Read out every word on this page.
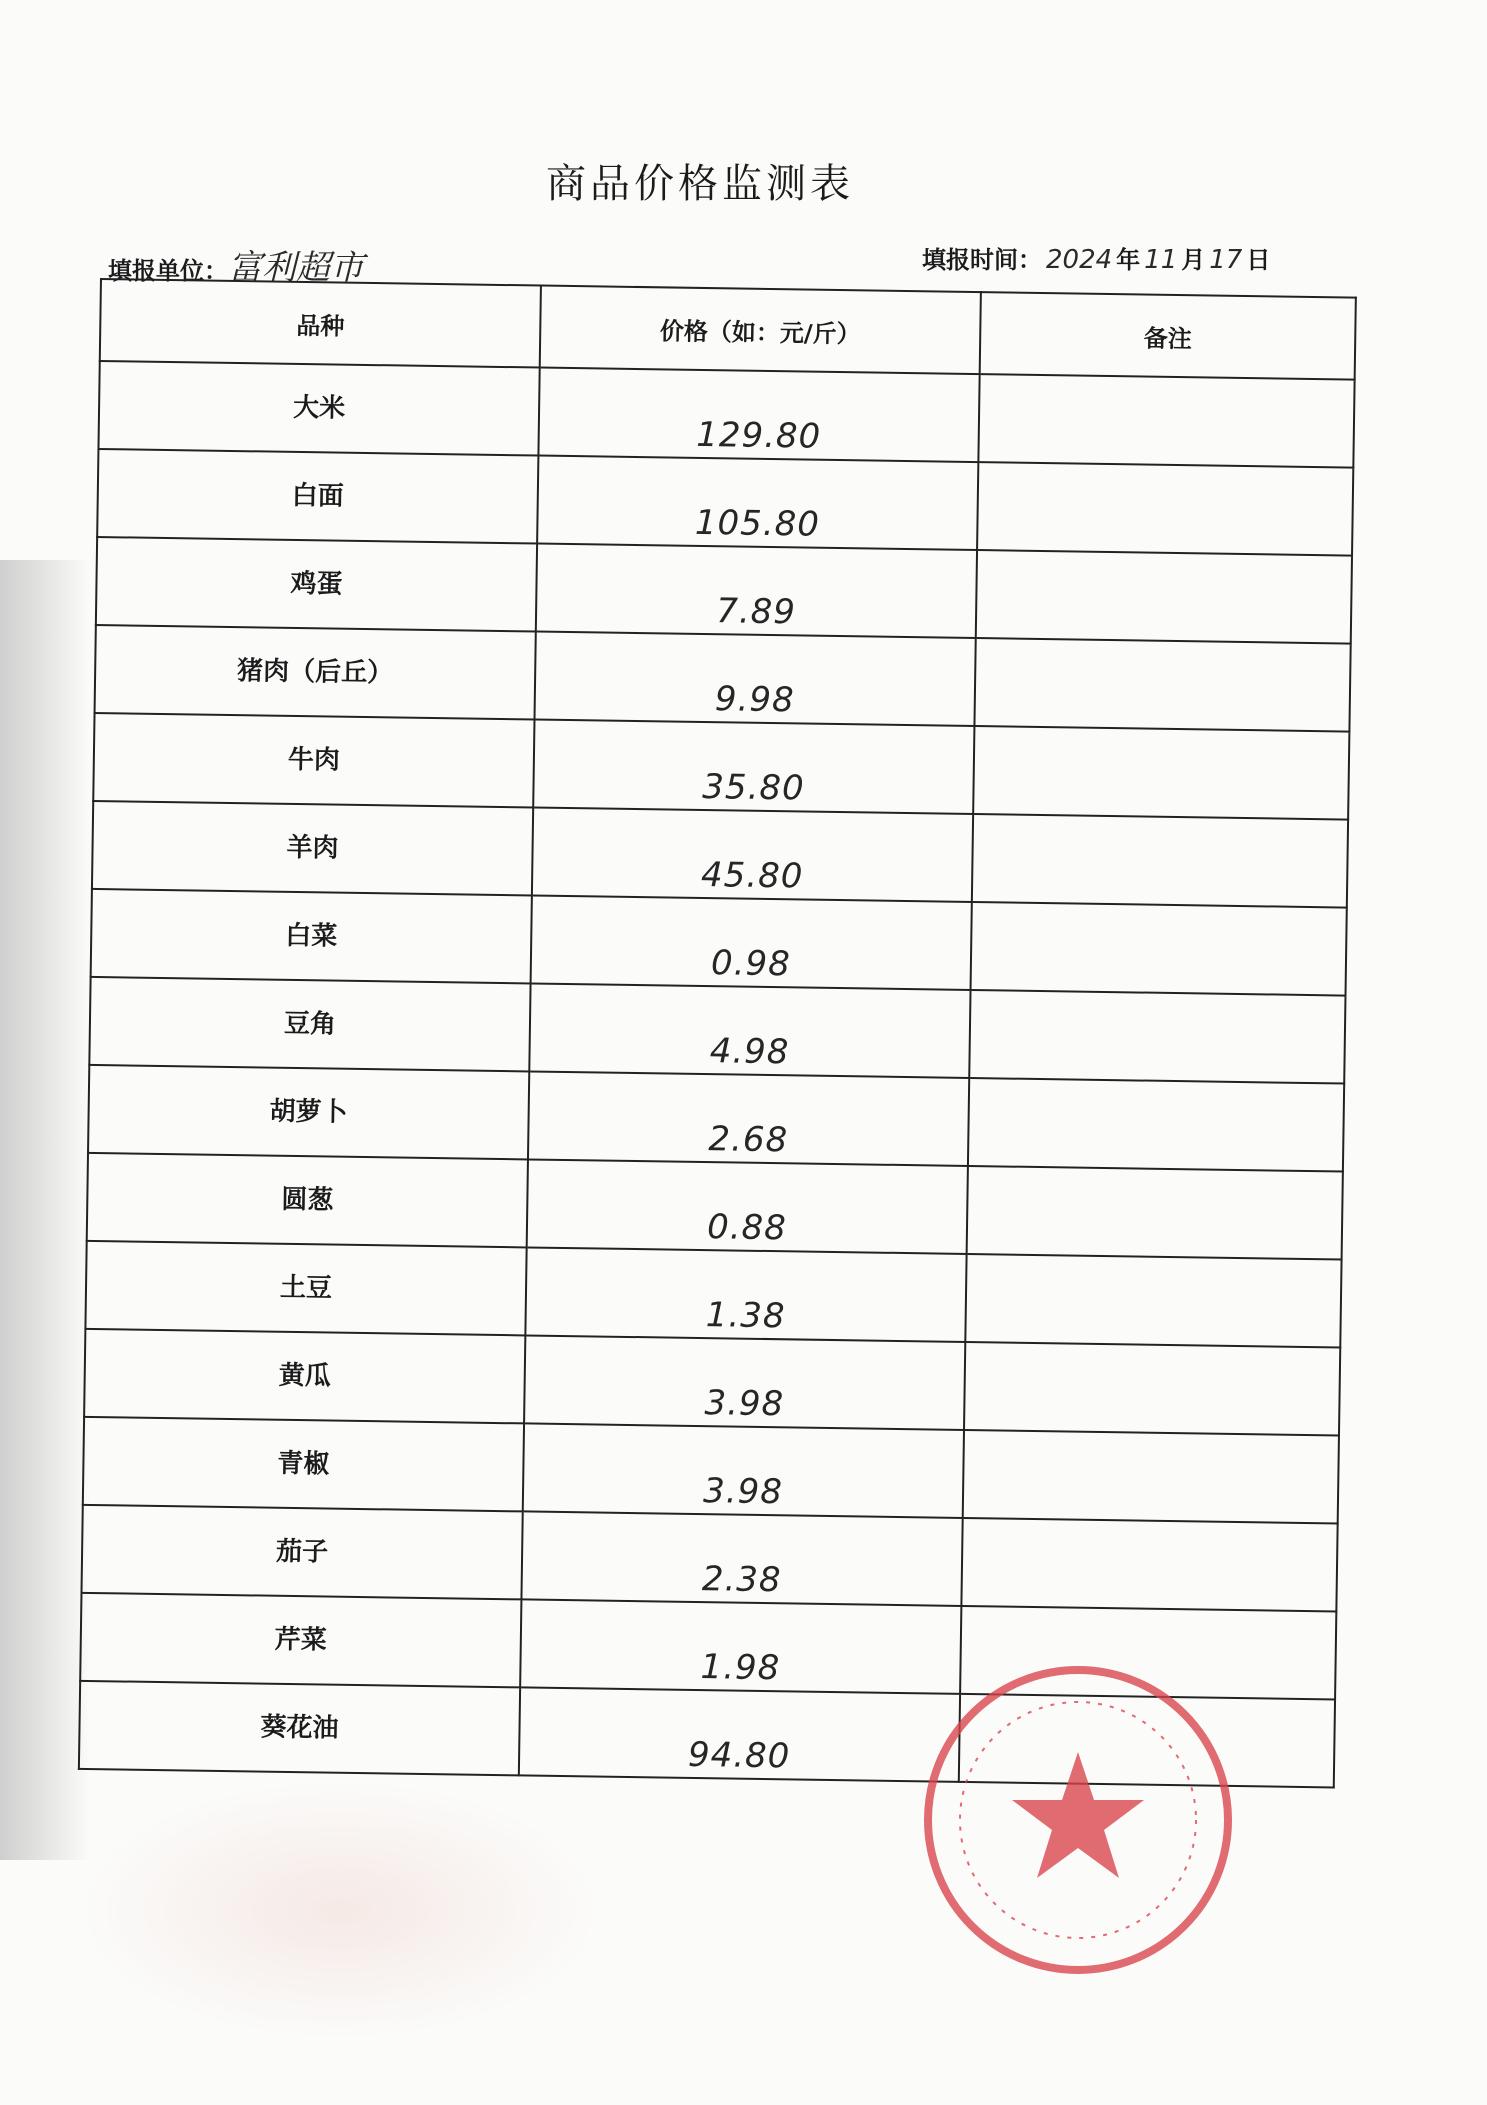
商品价格监测表
填报单位： 富利超市	填报时间： 2024 年 11 月 17 日
品种	价格（如：元/斤）	备注
大米	129.80	
白面	105.80	
鸡蛋	7.89	
猪肉（后丘）	9.98	
牛肉	35.80	
羊肉	45.80	
白菜	0.98	
豆角	4.98	
胡萝卜	2.68	
圆葱	0.88	
土豆	1.38	
黄瓜	3.98	
青椒	3.98	
茄子	2.38	
芹菜	1.98	
葵花油	94.80	
